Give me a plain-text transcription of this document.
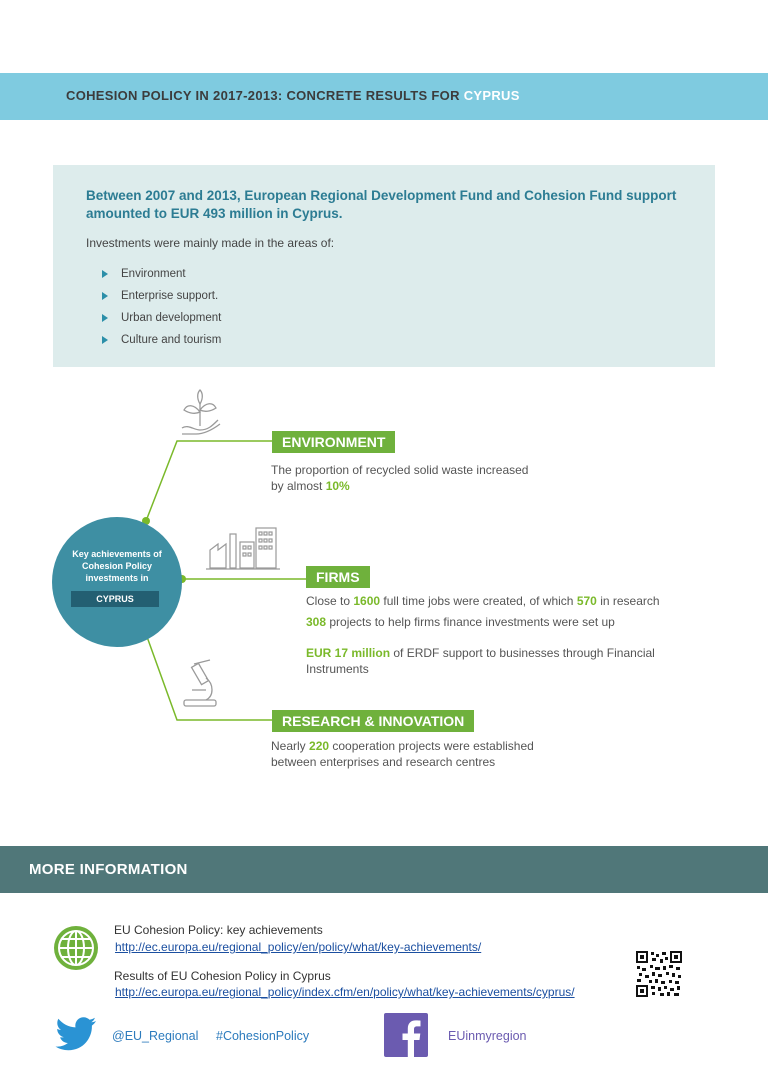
COHESION POLICY IN 2017-2013: CONCRETE RESULTS FOR CYPRUS
Between 2007 and 2013, European Regional Development Fund and Cohesion Fund support amounted to EUR 493 million in Cyprus.
Investments were mainly made in the areas of:
Environment
Enterprise support.
Urban development
Culture and tourism
Key achievements of Cohesion Policy investments in
CYPRUS
ENVIRONMENT
The proportion of recycled solid waste increased
by almost 10%
FIRMS
Close to 1600 full time jobs were created, of which 570 in research
308 projects to help firms finance investments were set up
EUR 17 million of ERDF support to businesses through Financial
Instruments
RESEARCH & INNOVATION
Nearly 220 cooperation projects were established
between enterprises and research centres
MORE INFORMATION
EU Cohesion Policy: key achievements
http://ec.europa.eu/regional_policy/en/policy/what/key-achievements/
Results of EU Cohesion Policy in Cyprus
http://ec.europa.eu/regional_policy/index.cfm/en/policy/what/key-achievements/cyprus/
@EU_Regional #CohesionPolicy	EUinmyregion
